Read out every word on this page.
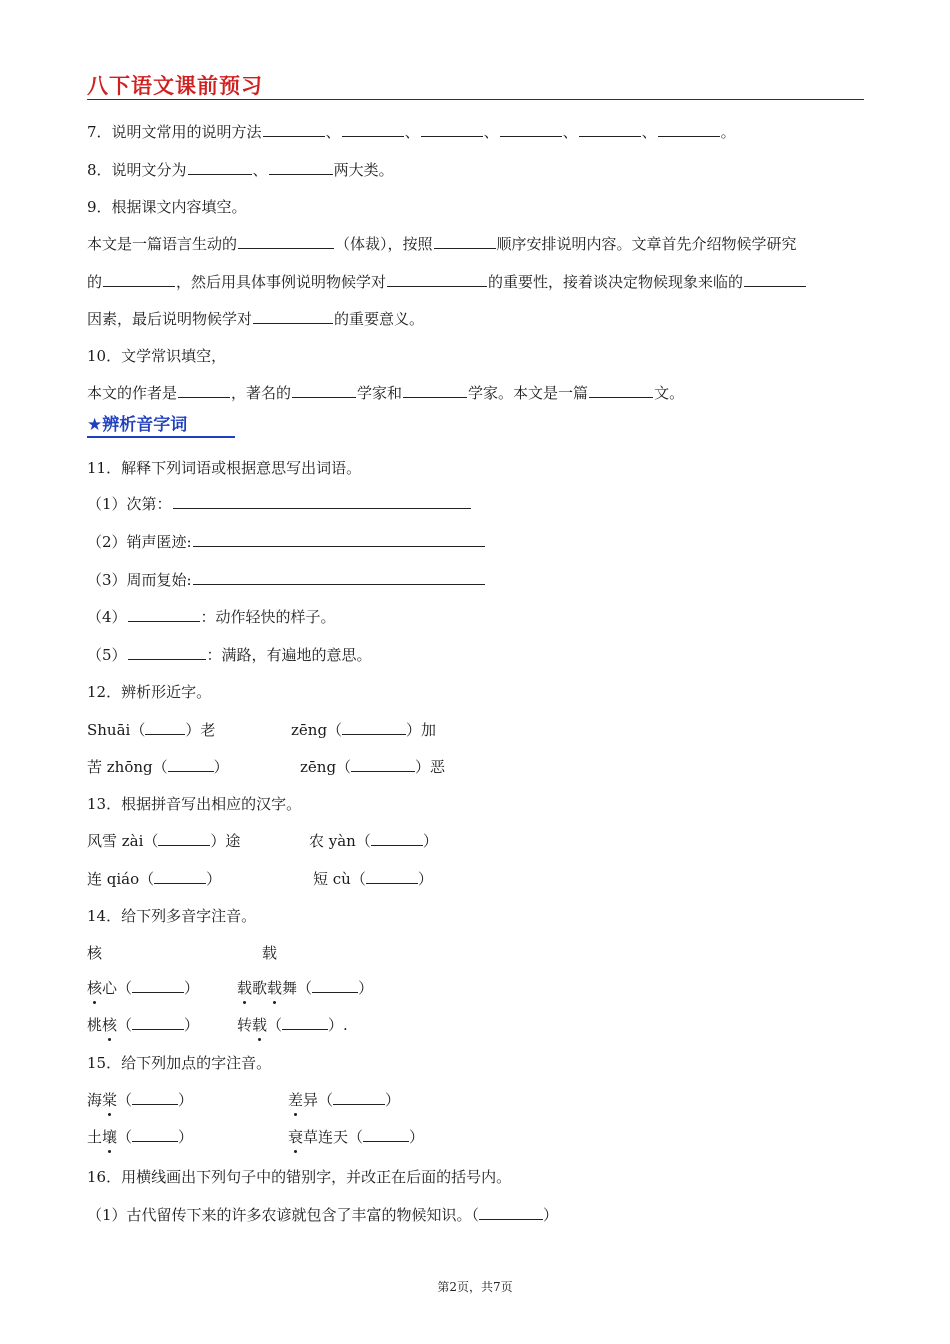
八下语文课前预习
7．说明文常用的说明方法	、	、	、	、	、	。
8．说明文分为	、	两大类。
9．根据课文内容填空。
本文是一篇语言生动的	（体裁），按照	顺序安排说明内容。文章首先介绍物候学研究
的	，然后用具体事例说明物候学对	的重要性，接着谈决定物候现象来临的
因素，最后说明物候学对	的重要意义。
10．文学常识填空，
本文的作者是	，著名的	学家和	学家。本文是一篇	文。
★辨析音字词
11．解释下列词语或根据意思写出词语。
（1）次第：
（2）销声匿迹:
（3）周而复始:
（4）	：动作轻快的样子。
（5）	：满路，有遍地的意思。
12．辨析形近字。
Shuāi（	）老	zēng（	）加
苦 zhōng（	）	zēng（	）恶
13．根据拼音写出相应的汉字。
风雪 zài（	）途	农 yàn（	）
连 qiáo（	）	短 cù（	）
14．给下列多音字注音。
核	载
核心（	）	载歌载舞（	）
桃核（	）	转载（	）.
15．给下列加点的字注音。
海棠（	）	差异（	）
土壤（	）	衰草连天（	）
16．用横线画出下列句子中的错别字，并改正在后面的括号内。
（1）古代留传下来的许多农谚就包含了丰富的物候知识。（	）
第2页，共7页
